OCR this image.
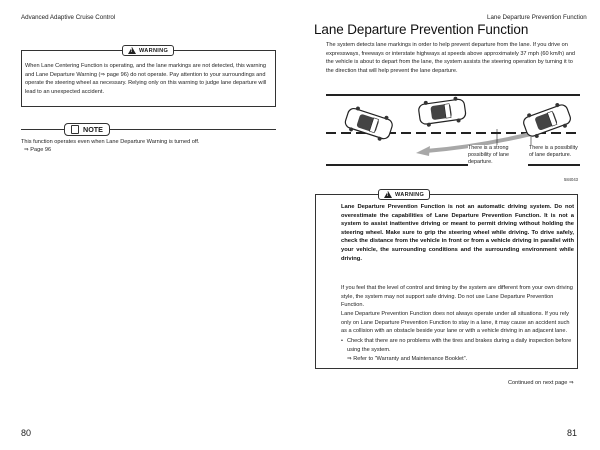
Advanced Adaptive Cruise Control
!
WARNING
When Lane Centering Function is operating, and the lane markings are not detected, this warning and Lane Departure Warning (⇒ page 96) do not operate. Pay attention to your surroundings and operate the steering wheel as necessary. Relying only on this warning to judge lane departure will lead to an unexpected accident.
NOTE
This function operates even when Lane Departure Warning is turned off.
⇒ Page 96
80
Lane Departure Prevention Function
Lane Departure Prevention Function
The system detects lane markings in order to help prevent departure from the lane. If you drive on expressways, freeways or interstate highways at speeds above approximately 37 mph (60 km/h) and the vehicle is about to depart from the lane, the system assists the steering operation by turning it to the direction that will help prevent the lane departure.
There is a strong possibility of lane departure.
There is a possibility of lane departure.
584043
!
WARNING
Lane Departure Prevention Function is not an automatic driving system. Do not overestimate the capabilities of Lane Departure Prevention Function. It is not a system to assist inattentive driving or meant to permit driving without holding the steering wheel. Make sure to grip the steering wheel while driving. To drive safely, check the distance from the vehicle in front or from a vehicle driving in parallel with your vehicle, the surrounding conditions and the surrounding environment while driving.
If you feel that the level of control and timing by the system are different from your own driving style, the system may not support safe driving. Do not use Lane Departure Prevention Function.
Lane Departure Prevention Function does not always operate under all situations. If you rely only on Lane Departure Prevention Function to stay in a lane, it may cause an accident such as a collision with an obstacle beside your lane or with a vehicle driving in an adjacent lane.
• Check that there are no problems with the tires and brakes during a daily inspection before using the system.
⇒ Refer to “Warranty and Maintenance Booklet”.
Continued on next page ⇒
81
